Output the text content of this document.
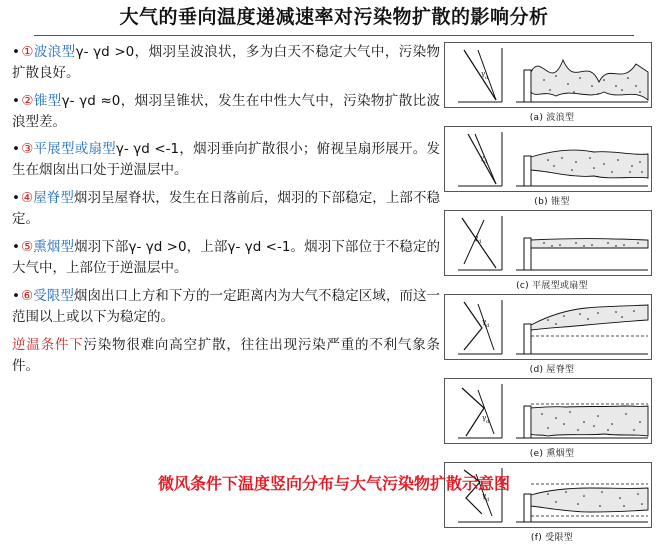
大气的垂向温度递减速率对污染物扩散的影响分析
•①波浪型γ- γd >0，烟羽呈波浪状，多为白天不稳定大气中，污染物扩散良好。
•②锥型γ- γd ≈0，烟羽呈锥状，发生在中性大气中，污染物扩散比波浪型差。
•③平展型或扇型γ- γd <-1，烟羽垂向扩散很小；俯视呈扇形展开。发生在烟囱出口处于逆温层中。
•④屋脊型烟羽呈屋脊状，发生在日落前后，烟羽的下部稳定，上部不稳定。
•⑤熏烟型烟羽下部γ- γd >0，上部γ- γd <-1。烟羽下部位于不稳定的大气中，上部位于逆温层中。
•⑥受限型烟囱出口上方和下方的一定距离内为大气不稳定区域，而这一范围以上或以下为稳定的。
逆温条件下污染物很难向高空扩散，往往出现污染严重的不利气象条件。
γ d
(a) 波浪型
γ d
(b) 锥型
γ d
(c) 平展型或扇型
γ d
(d) 屋脊型
γ d
(e) 熏烟型
γ d
(f) 受限型
微风条件下温度竖向分布与大气污染物扩散示意图
